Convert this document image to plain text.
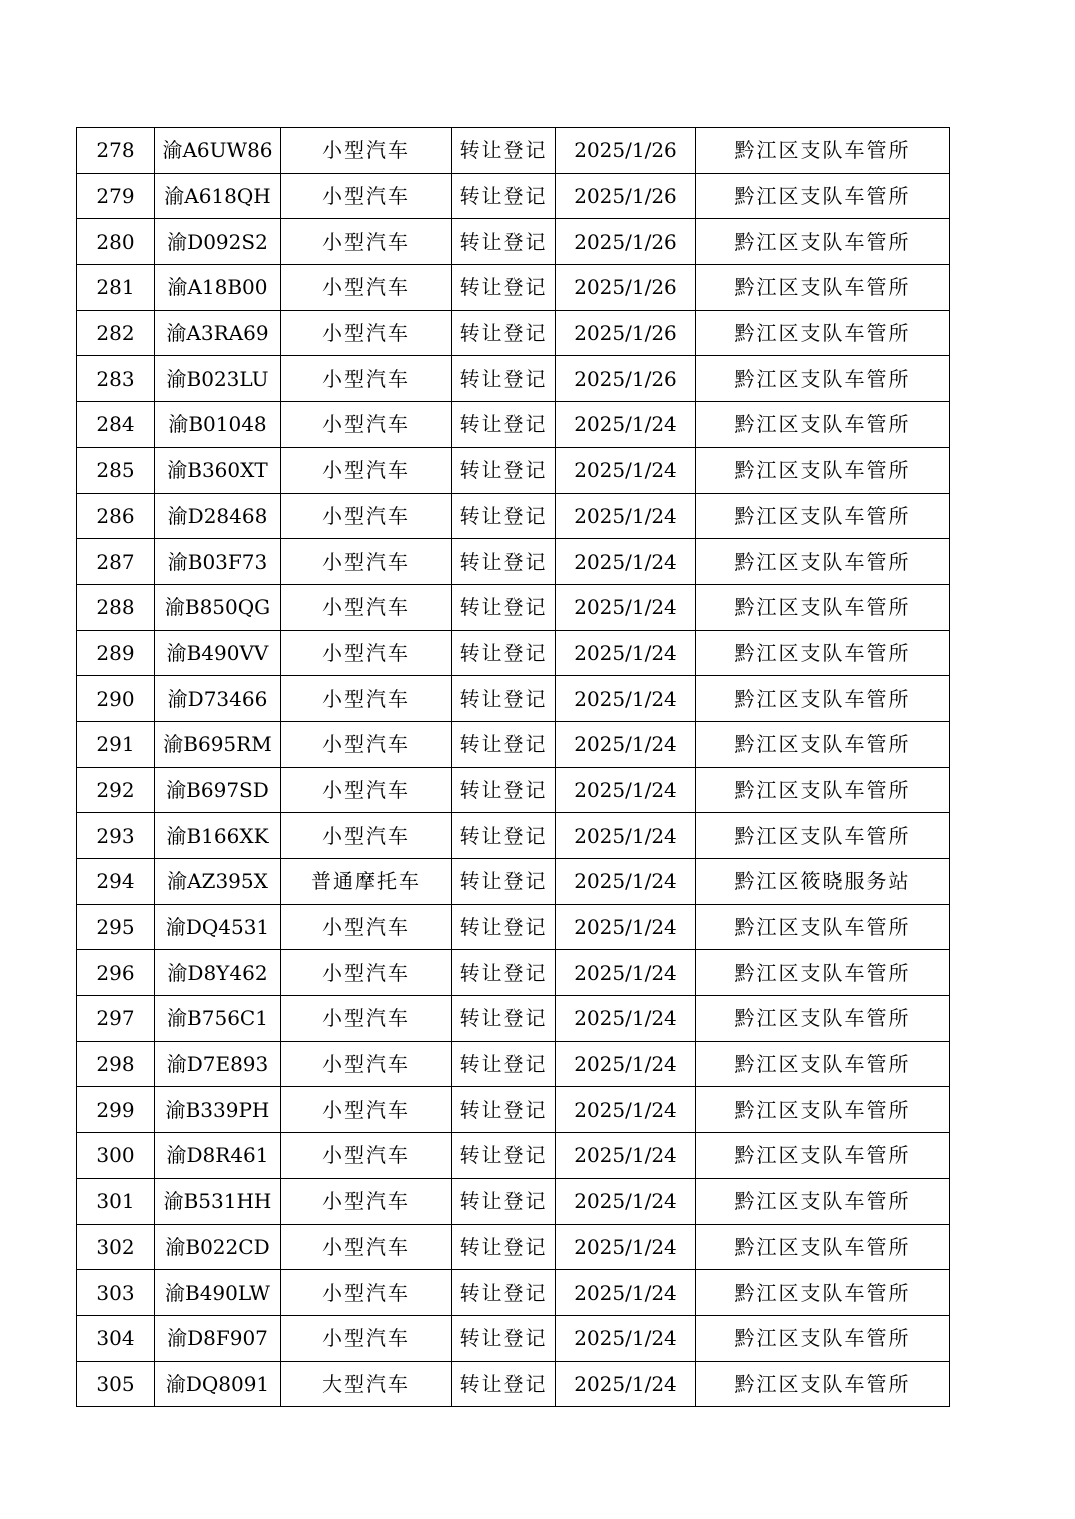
278	渝A6UW86	小型汽车	转让登记	2025/1/26	黔江区支队车管所
279	渝A618QH	小型汽车	转让登记	2025/1/26	黔江区支队车管所
280	渝D092S2	小型汽车	转让登记	2025/1/26	黔江区支队车管所
281	渝A18B00	小型汽车	转让登记	2025/1/26	黔江区支队车管所
282	渝A3RA69	小型汽车	转让登记	2025/1/26	黔江区支队车管所
283	渝B023LU	小型汽车	转让登记	2025/1/26	黔江区支队车管所
284	渝B01048	小型汽车	转让登记	2025/1/24	黔江区支队车管所
285	渝B360XT	小型汽车	转让登记	2025/1/24	黔江区支队车管所
286	渝D28468	小型汽车	转让登记	2025/1/24	黔江区支队车管所
287	渝B03F73	小型汽车	转让登记	2025/1/24	黔江区支队车管所
288	渝B850QG	小型汽车	转让登记	2025/1/24	黔江区支队车管所
289	渝B490VV	小型汽车	转让登记	2025/1/24	黔江区支队车管所
290	渝D73466	小型汽车	转让登记	2025/1/24	黔江区支队车管所
291	渝B695RM	小型汽车	转让登记	2025/1/24	黔江区支队车管所
292	渝B697SD	小型汽车	转让登记	2025/1/24	黔江区支队车管所
293	渝B166XK	小型汽车	转让登记	2025/1/24	黔江区支队车管所
294	渝AZ395X	普通摩托车	转让登记	2025/1/24	黔江区筱晓服务站
295	渝DQ4531	小型汽车	转让登记	2025/1/24	黔江区支队车管所
296	渝D8Y462	小型汽车	转让登记	2025/1/24	黔江区支队车管所
297	渝B756C1	小型汽车	转让登记	2025/1/24	黔江区支队车管所
298	渝D7E893	小型汽车	转让登记	2025/1/24	黔江区支队车管所
299	渝B339PH	小型汽车	转让登记	2025/1/24	黔江区支队车管所
300	渝D8R461	小型汽车	转让登记	2025/1/24	黔江区支队车管所
301	渝B531HH	小型汽车	转让登记	2025/1/24	黔江区支队车管所
302	渝B022CD	小型汽车	转让登记	2025/1/24	黔江区支队车管所
303	渝B490LW	小型汽车	转让登记	2025/1/24	黔江区支队车管所
304	渝D8F907	小型汽车	转让登记	2025/1/24	黔江区支队车管所
305	渝DQ8091	大型汽车	转让登记	2025/1/24	黔江区支队车管所
